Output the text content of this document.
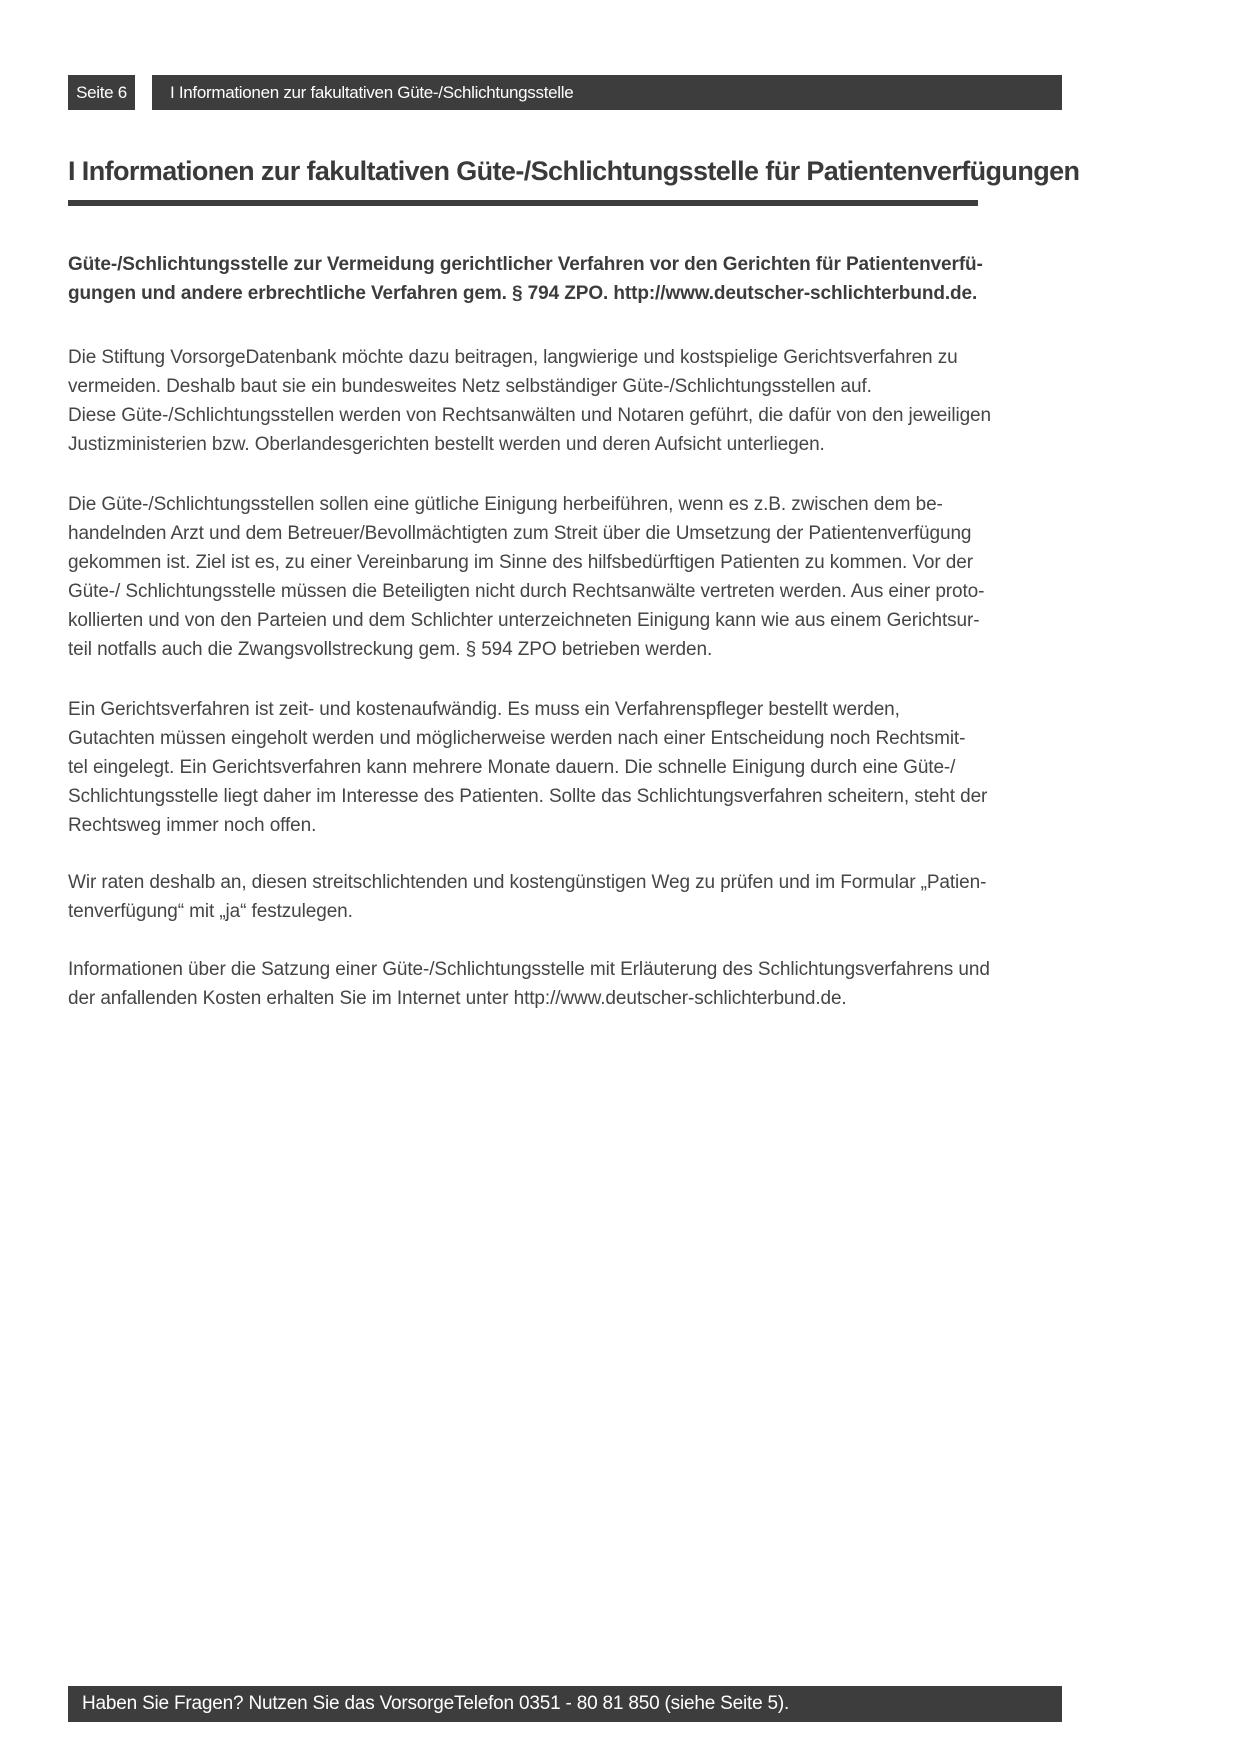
Seite 6	I Informationen zur fakultativen Güte-/Schlichtungsstelle
I Informationen zur fakultativen Güte-/Schlichtungsstelle für Patientenverfügungen
Güte-/Schlichtungsstelle zur Vermeidung gerichtlicher Verfahren vor den Gerichten für Patientenverfü-
gungen und andere erbrechtliche Verfahren gem. § 794 ZPO. http://www.deutscher-schlichterbund.de.
Die Stiftung VorsorgeDatenbank möchte dazu beitragen, langwierige und kostspielige Gerichtsverfahren zu
vermeiden. Deshalb baut sie ein bundesweites Netz selbständiger Güte-/Schlichtungsstellen auf.
Diese Güte-/Schlichtungsstellen werden von Rechtsanwälten und Notaren geführt, die dafür von den jeweiligen
Justizministerien bzw. Oberlandesgerichten bestellt werden und deren Aufsicht unterliegen.
Die Güte-/Schlichtungsstellen sollen eine gütliche Einigung herbeiführen, wenn es z.B. zwischen dem be-
handelnden Arzt und dem Betreuer/Bevollmächtigten zum Streit über die Umsetzung der Patientenverfügung
gekommen ist. Ziel ist es, zu einer Vereinbarung im Sinne des hilfsbedürftigen Patienten zu kommen. Vor der
Güte-/ Schlichtungsstelle müssen die Beteiligten nicht durch Rechtsanwälte vertreten werden. Aus einer proto-
kollierten und von den Parteien und dem Schlichter unterzeichneten Einigung kann wie aus einem Gerichtsur-
teil notfalls auch die Zwangsvollstreckung gem. § 594 ZPO betrieben werden.
Ein Gerichtsverfahren ist zeit- und kostenaufwändig. Es muss ein Verfahrenspfleger bestellt werden,
Gutachten müssen eingeholt werden und möglicherweise werden nach einer Entscheidung noch Rechtsmit-
tel eingelegt. Ein Gerichtsverfahren kann mehrere Monate dauern. Die schnelle Einigung durch eine Güte-/
Schlichtungsstelle liegt daher im Interesse des Patienten. Sollte das Schlichtungsverfahren scheitern, steht der
Rechtsweg immer noch offen.
Wir raten deshalb an, diesen streitschlichtenden und kostengünstigen Weg zu prüfen und im Formular „Patien-
tenverfügung“ mit „ja“ festzulegen.
Informationen über die Satzung einer Güte-/Schlichtungsstelle mit Erläuterung des Schlichtungsverfahrens und
der anfallenden Kosten erhalten Sie im Internet unter http://www.deutscher-schlichterbund.de.
Haben Sie Fragen? Nutzen Sie das VorsorgeTelefon 0351 - 80 81 850 (siehe Seite 5).
